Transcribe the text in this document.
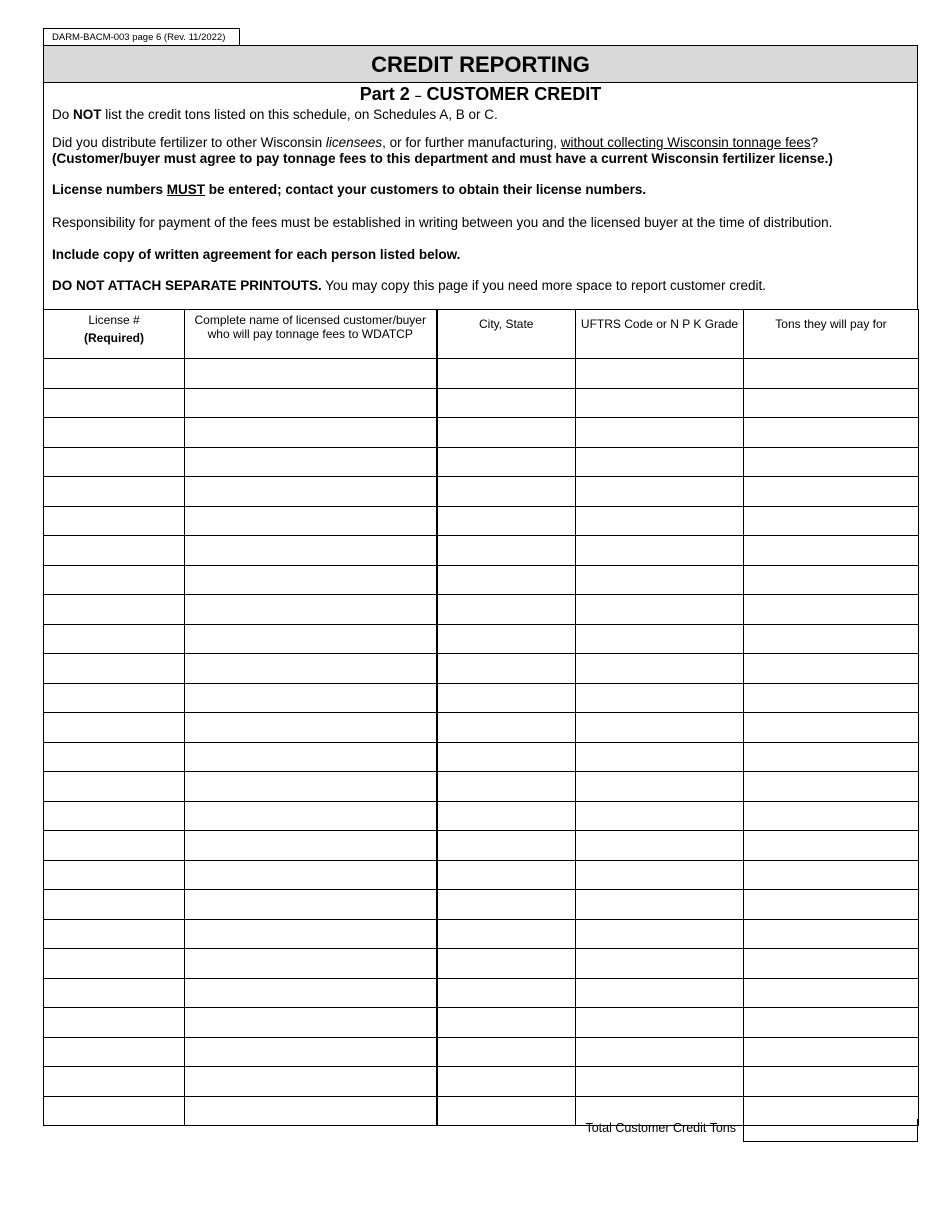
DARM-BACM-003 page 6 (Rev. 11/2022)
CREDIT REPORTING
Part 2 – CUSTOMER CREDIT
Do NOT list the credit tons listed on this schedule, on Schedules A, B or C.
Did you distribute fertilizer to other Wisconsin licensees, or for further manufacturing, without collecting Wisconsin tonnage fees?
(Customer/buyer must agree to pay tonnage fees to this department and must have a current Wisconsin fertilizer license.)
License numbers MUST be entered; contact your customers to obtain their license numbers.
Responsibility for payment of the fees must be established in writing between you and the licensed buyer at the time of distribution.
Include copy of written agreement for each person listed below.
DO NOT ATTACH SEPARATE PRINTOUTS. You may copy this page if you need more space to report customer credit.
License #
(Required)	Complete name of licensed customer/buyer who will pay tonnage fees to WDATCP	City, State	UFTRS Code or N P K Grade	Tons they will pay for

Total Customer Credit Tons
